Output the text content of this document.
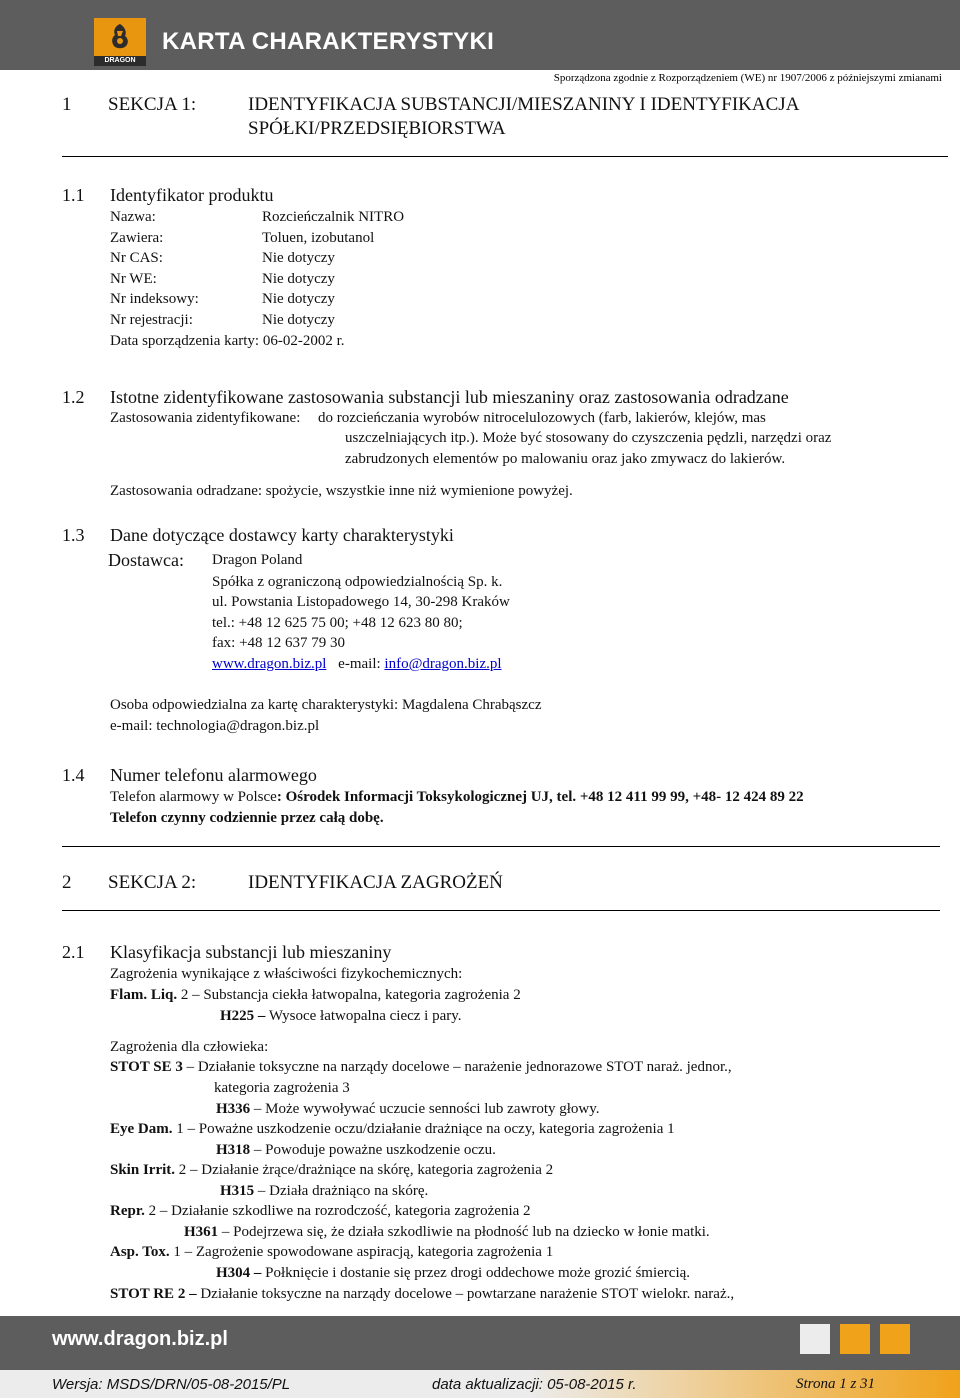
DRAGON
KARTA CHARAKTERYSTYKI
Sporządzona zgodnie z Rozporządzeniem (WE) nr 1907/2006 z późniejszymi zmianami
1 SEKCJA 1:	IDENTYFIKACJA SUBSTANCJI/MIESZANINY I IDENTYFIKACJA
SPÓŁKI/PRZEDSIĘBIORSTWA
1.1 Identyfikator produktu
Nazwa:	Rozcieńczalnik NITRO
Zawiera:	Toluen, izobutanol
Nr CAS:	Nie dotyczy
Nr WE:	Nie dotyczy
Nr indeksowy:	Nie dotyczy
Nr rejestracji:	Nie dotyczy
Data sporządzenia karty: 06-02-2002 r.
1.2 Istotne zidentyfikowane zastosowania substancji lub mieszaniny oraz zastosowania odradzane
Zastosowania zidentyfikowane: do rozcieńczania wyrobów nitrocelulozowych (farb, lakierów, klejów, mas
uszczelniających itp.). Może być stosowany do czyszczenia pędzli, narzędzi oraz
zabrudzonych elementów po malowaniu oraz jako zmywacz do lakierów.
Zastosowania odradzane: spożycie, wszystkie inne niż wymienione powyżej.
1.3 Dane dotyczące dostawcy karty charakterystyki
Dostawca: Dragon Poland
Spółka z ograniczoną odpowiedzialnością Sp. k.
ul. Powstania Listopadowego 14, 30-298 Kraków
tel.: +48 12 625 75 00; +48 12 623 80 80;
fax: +48 12 637 79 30
www.dragon.biz.pl e-mail: info@dragon.biz.pl
Osoba odpowiedzialna za kartę charakterystyki: Magdalena Chrabąszcz
e-mail: technologia@dragon.biz.pl
1.4 Numer telefonu alarmowego
Telefon alarmowy w Polsce: Ośrodek Informacji Toksykologicznej UJ, tel. +48 12 411 99 99, +48- 12 424 89 22
Telefon czynny codziennie przez całą dobę.
2 SEKCJA 2:	IDENTYFIKACJA ZAGROŻEŃ
2.1 Klasyfikacja substancji lub mieszaniny
Zagrożenia wynikające z właściwości fizykochemicznych:
Flam. Liq. 2 – Substancja ciekła łatwopalna, kategoria zagrożenia 2
H225 – Wysoce łatwopalna ciecz i pary.
Zagrożenia dla człowieka:
STOT SE 3 – Działanie toksyczne na narządy docelowe – narażenie jednorazowe STOT naraż. jednor.,
kategoria zagrożenia 3
H336 – Może wywoływać uczucie senności lub zawroty głowy.
Eye Dam. 1 – Poważne uszkodzenie oczu/działanie drażniące na oczy, kategoria zagrożenia 1
H318 – Powoduje poważne uszkodzenie oczu.
Skin Irrit. 2 – Działanie żrące/drażniące na skórę, kategoria zagrożenia 2
H315 – Działa drażniąco na skórę.
Repr. 2 – Działanie szkodliwe na rozrodczość, kategoria zagrożenia 2
H361 – Podejrzewa się, że działa szkodliwie na płodność lub na dziecko w łonie matki.
Asp. Tox. 1 – Zagrożenie spowodowane aspiracją, kategoria zagrożenia 1
H304 – Połknięcie i dostanie się przez drogi oddechowe może grozić śmiercią.
STOT RE 2 – Działanie toksyczne na narządy docelowe – powtarzane narażenie STOT wielokr. naraż.,
www.dragon.biz.pl
Wersja: MSDS/DRN/05-08-2015/PL	data aktualizacji: 05-08-2015 r.	Strona 1 z 31
